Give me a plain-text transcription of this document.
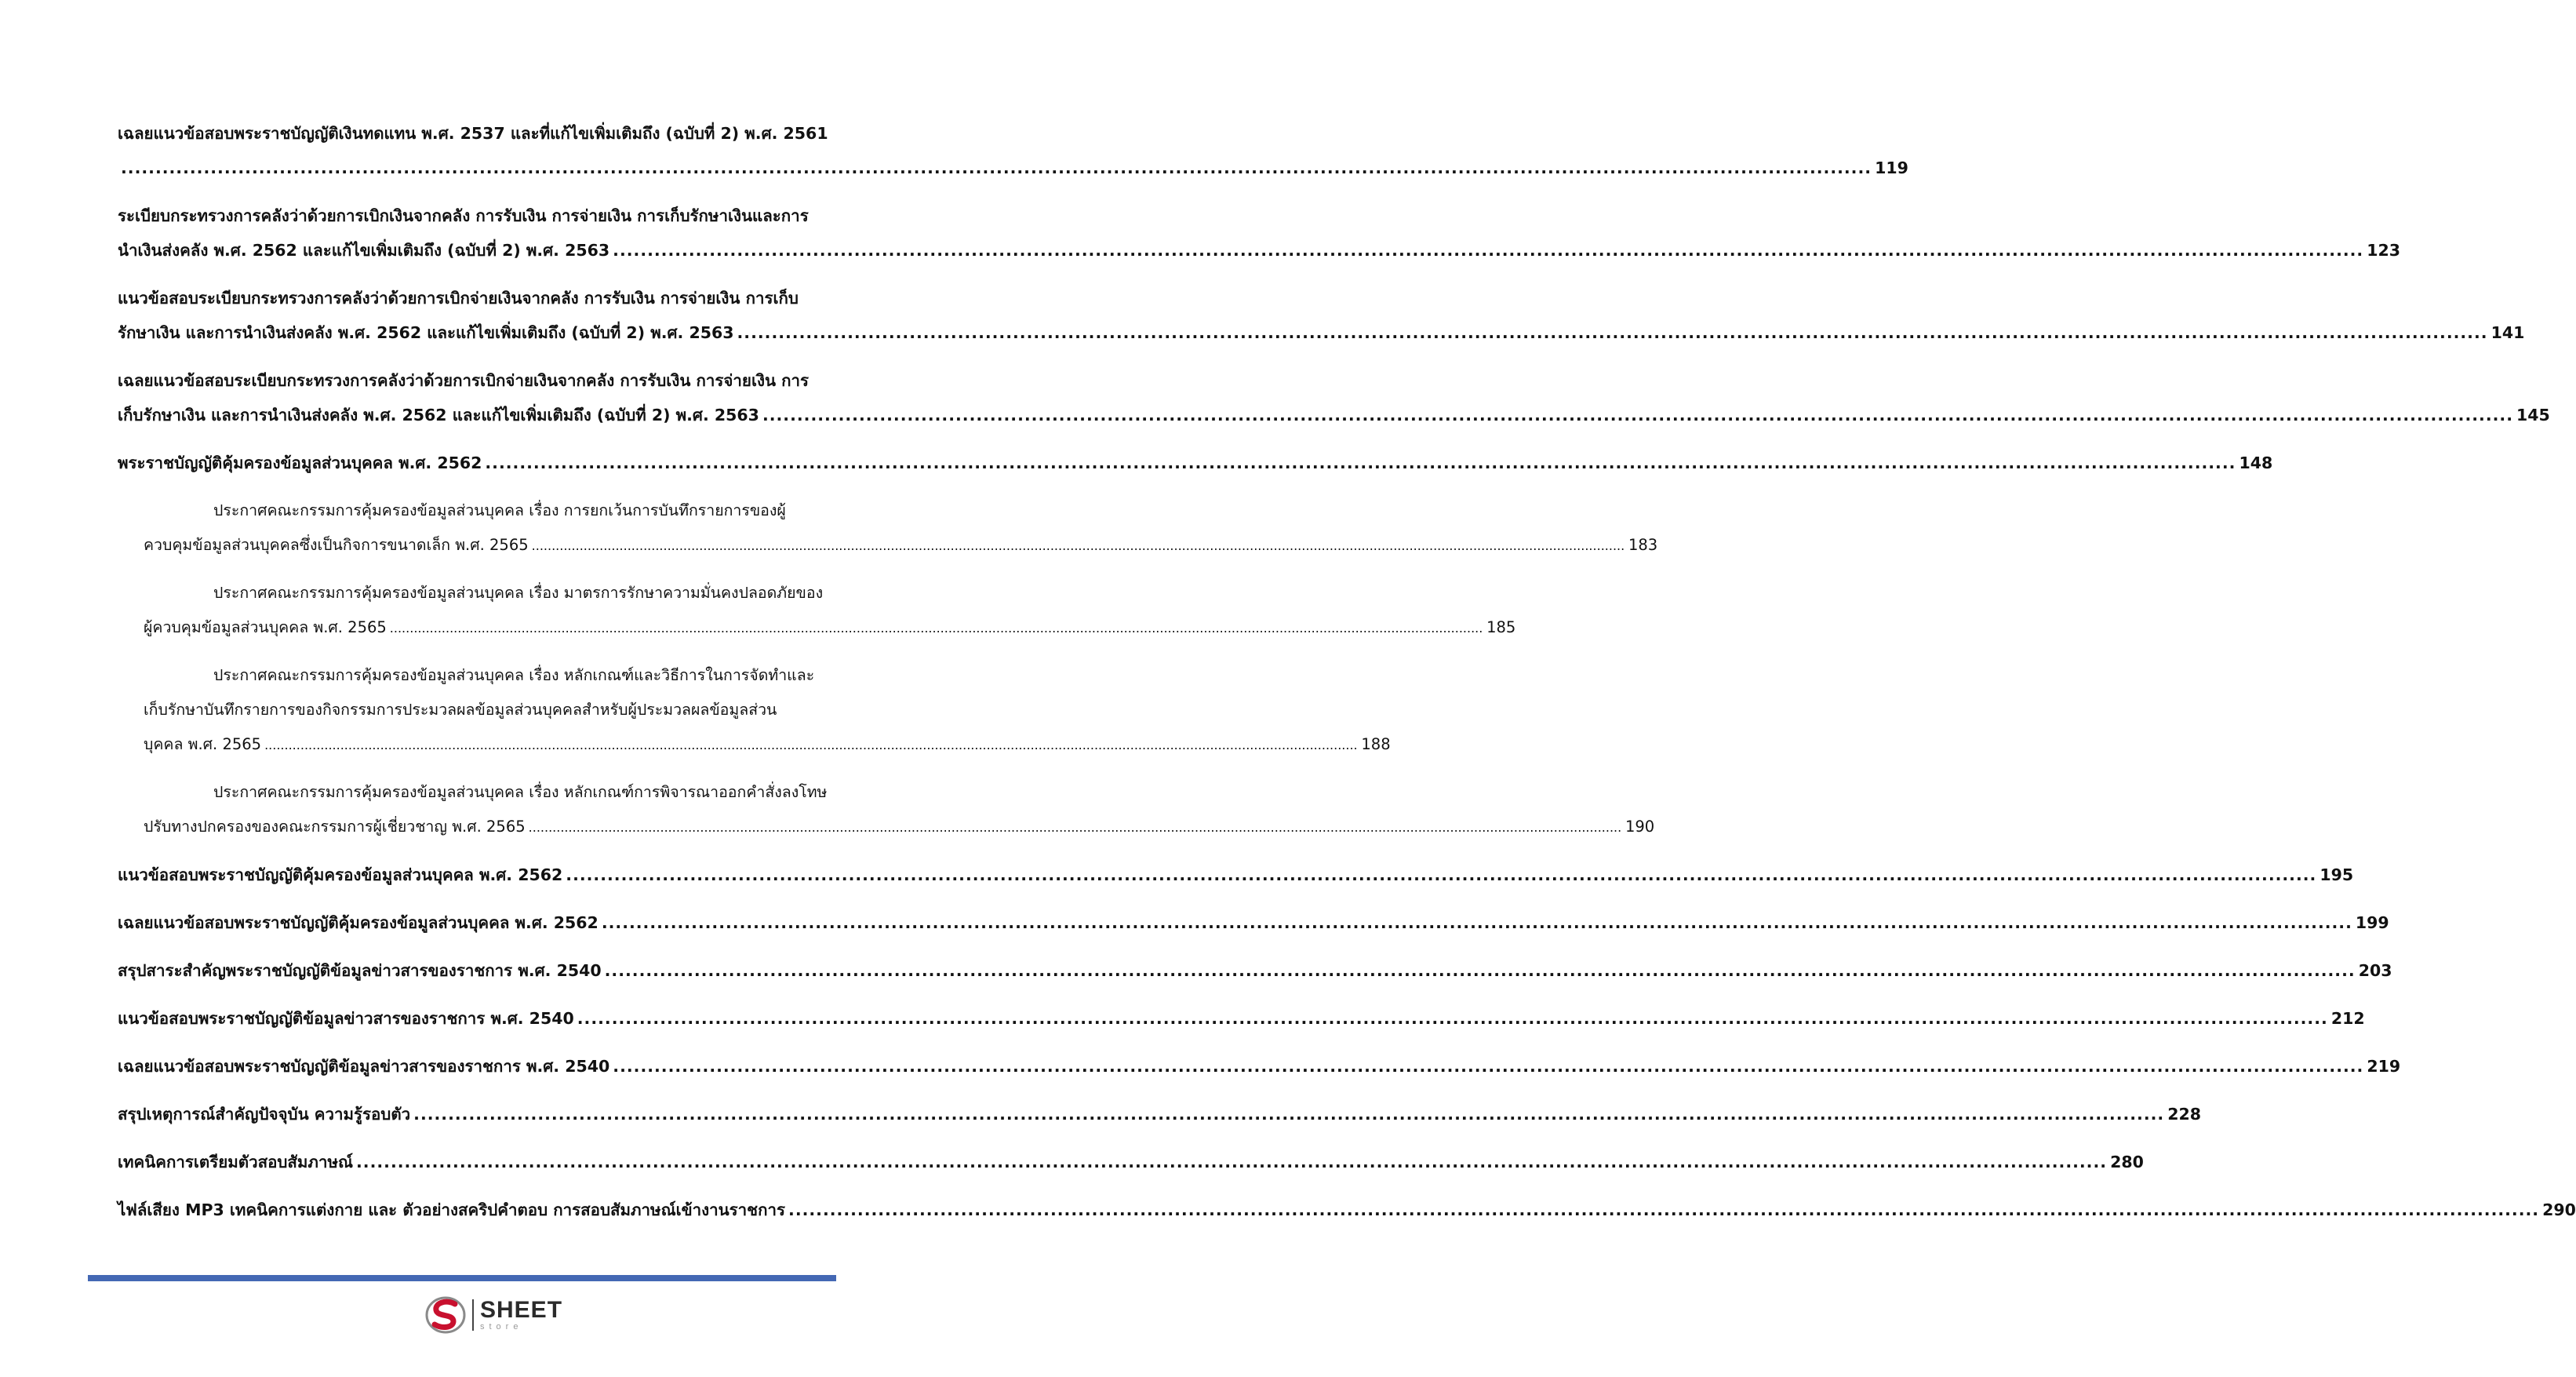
เฉลยแนวข้อสอบพระราชบัญญัติเงินทดแทน พ.ศ. 2537 และที่แก้ไขเพิ่มเติมถึง (ฉบับที่ 2) พ.ศ. 2561
.............................................................................................................................................................................................................................................................. 119
ระเบียบกระทรวงการคลังว่าด้วยการเบิกเงินจากคลัง การรับเงิน การจ่ายเงิน การเก็บรักษาเงินและการ
นำเงินส่งคลัง พ.ศ. 2562 และแก้ไขเพิ่มเติมถึง (ฉบับที่ 2) พ.ศ. 2563 .............................................................................................................................................................................................................................................................. 123
แนวข้อสอบระเบียบกระทรวงการคลังว่าด้วยการเบิกจ่ายเงินจากคลัง การรับเงิน การจ่ายเงิน การเก็บ
รักษาเงิน และการนำเงินส่งคลัง พ.ศ. 2562 และแก้ไขเพิ่มเติมถึง (ฉบับที่ 2) พ.ศ. 2563 .............................................................................................................................................................................................................................................................. 141
เฉลยแนวข้อสอบระเบียบกระทรวงการคลังว่าด้วยการเบิกจ่ายเงินจากคลัง การรับเงิน การจ่ายเงิน การ
เก็บรักษาเงิน และการนำเงินส่งคลัง พ.ศ. 2562 และแก้ไขเพิ่มเติมถึง (ฉบับที่ 2) พ.ศ. 2563 .............................................................................................................................................................................................................................................................. 145
พระราชบัญญัติคุ้มครองข้อมูลส่วนบุคคล พ.ศ. 2562 .............................................................................................................................................................................................................................................................. 148
ประกาศคณะกรรมการคุ้มครองข้อมูลส่วนบุคคล เรื่อง การยกเว้นการบันทึกรายการของผู้
ควบคุมข้อมูลส่วนบุคคลซึ่งเป็นกิจการขนาดเล็ก พ.ศ. 2565 .................................................................................................................................................................................................................................................................................. 183
ประกาศคณะกรรมการคุ้มครองข้อมูลส่วนบุคคล เรื่อง มาตรการรักษาความมั่นคงปลอดภัยของ
ผู้ควบคุมข้อมูลส่วนบุคคล พ.ศ. 2565 .................................................................................................................................................................................................................................................................................. 185
ประกาศคณะกรรมการคุ้มครองข้อมูลส่วนบุคคล เรื่อง หลักเกณฑ์และวิธีการในการจัดทำและ
เก็บรักษาบันทึกรายการของกิจกรรมการประมวลผลข้อมูลส่วนบุคคลสำหรับผู้ประมวลผลข้อมูลส่วน
บุคคล พ.ศ. 2565 .................................................................................................................................................................................................................................................................................. 188
ประกาศคณะกรรมการคุ้มครองข้อมูลส่วนบุคคล เรื่อง หลักเกณฑ์การพิจารณาออกคำสั่งลงโทษ
ปรับทางปกครองของคณะกรรมการผู้เชี่ยวชาญ พ.ศ. 2565 .................................................................................................................................................................................................................................................................................. 190
แนวข้อสอบพระราชบัญญัติคุ้มครองข้อมูลส่วนบุคคล พ.ศ. 2562 .............................................................................................................................................................................................................................................................. 195
เฉลยแนวข้อสอบพระราชบัญญัติคุ้มครองข้อมูลส่วนบุคคล พ.ศ. 2562 .............................................................................................................................................................................................................................................................. 199
สรุปสาระสำคัญพระราชบัญญัติข้อมูลข่าวสารของราชการ พ.ศ. 2540 .............................................................................................................................................................................................................................................................. 203
แนวข้อสอบพระราชบัญญัติข้อมูลข่าวสารของราชการ พ.ศ. 2540 .............................................................................................................................................................................................................................................................. 212
เฉลยแนวข้อสอบพระราชบัญญัติข้อมูลข่าวสารของราชการ พ.ศ. 2540 .............................................................................................................................................................................................................................................................. 219
สรุปเหตุการณ์สำคัญปัจจุบัน ความรู้รอบตัว .............................................................................................................................................................................................................................................................. 228
เทคนิคการเตรียมตัวสอบสัมภาษณ์ .............................................................................................................................................................................................................................................................. 280
ไฟล์เสียง MP3 เทคนิคการแต่งกาย และ ตัวอย่างสคริปคำตอบ การสอบสัมภาษณ์เข้างานราชการ .............................................................................................................................................................................................................................................................. 290
SHEET
store
